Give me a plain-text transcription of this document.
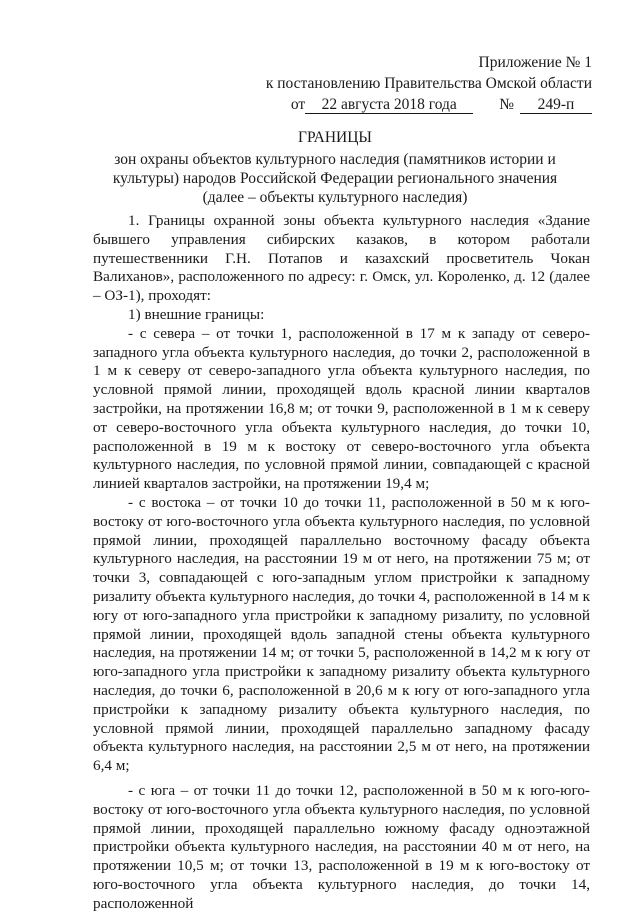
Приложение № 1
к постановлению Правительства Омской области
от	22 августа 2018 года	№	249-п
ГРАНИЦЫ
зон охраны объектов культурного наследия (памятников истории и культуры) народов Российской Федерации регионального значения (далее – объекты культурного наследия)

1. Границы охранной зоны объекта культурного наследия «Здание бывшего управления сибирских казаков, в котором работали путешественники Г.Н. Потапов и казахский просветитель Чокан Валиханов», расположенного по адресу: г. Омск, ул. Короленко, д. 12 (далее – ОЗ-1), проходят:

1) внешние границы:

- с севера – от точки 1, расположенной в 17 м к западу от северо-западного угла объекта культурного наследия, до точки 2, расположенной в 1 м к северу от северо-западного угла объекта культурного наследия, по условной прямой линии, проходящей вдоль красной линии кварталов застройки, на протяжении 16,8 м; от точки 9, расположенной в 1 м к северу от северо-восточного угла объекта культурного наследия, до точки 10, расположенной в 19 м к востоку от северо-восточного угла объекта культурного наследия, по условной прямой линии, совпадающей с красной линией кварталов застройки, на протяжении 19,4 м;

- с востока – от точки 10 до точки 11, расположенной в 50 м к юго-востоку от юго-восточного угла объекта культурного наследия, по условной прямой линии, проходящей параллельно восточному фасаду объекта культурного наследия, на расстоянии 19 м от него, на протяжении 75 м; от точки 3, совпадающей с юго-западным углом пристройки к западному ризалиту объекта культурного наследия, до точки 4, расположенной в 14 м к югу от юго-западного угла пристройки к западному ризалиту, по условной прямой линии, проходящей вдоль западной стены объекта культурного наследия, на протяжении 14 м; от точки 5, расположенной в 14,2 м к югу от юго-западного угла пристройки к западному ризалиту объекта культурного наследия, до точки 6, расположенной в 20,6 м к югу от юго-западного угла пристройки к западному ризалиту объекта культурного наследия, по условной прямой линии, проходящей параллельно западному фасаду объекта культурного наследия, на расстоянии 2,5 м от него, на протяжении 6,4 м;

- с юга – от точки 11 до точки 12, расположенной в 50 м к юго-юго-востоку от юго-восточного угла объекта культурного наследия, по условной прямой линии, проходящей параллельно южному фасаду одноэтажной пристройки объекта культурного наследия, на расстоянии 40 м от него, на протяжении 10,5 м; от точки 13, расположенной в 19 м к юго-востоку от юго-восточного угла объекта культурного наследия, до точки 14, расположенной
